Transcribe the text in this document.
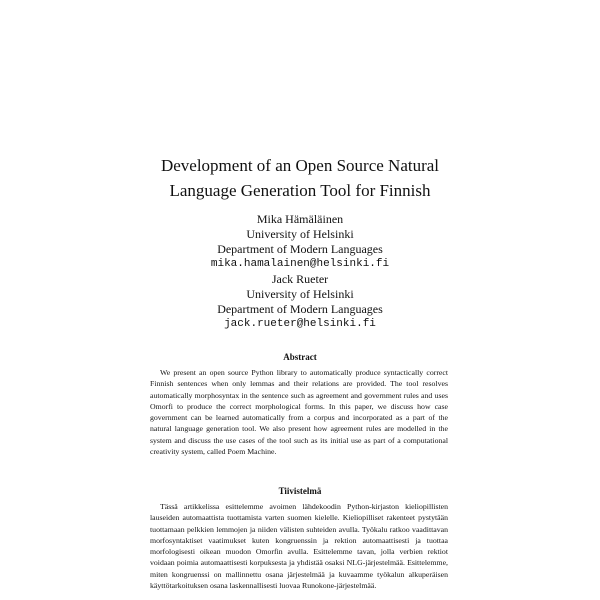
Development of an Open Source Natural
Language Generation Tool for Finnish
Mika Hämäläinen
University of Helsinki
Department of Modern Languages
mika.hamalainen@helsinki.fi
Jack Rueter
University of Helsinki
Department of Modern Languages
jack.rueter@helsinki.fi
Abstract

We present an open source Python library to automatically produce syntactically correct Finnish sentences when only lemmas and their relations are provided. The tool resolves automatically morphosyntax in the sentence such as agreement and government rules and uses Omorfi to produce the correct morphological forms. In this paper, we discuss how case government can be learned automatically from a corpus and incorporated as a part of the natural language generation tool. We also present how agreement rules are modelled in the system and discuss the use cases of the tool such as its initial use as part of a computational creativity system, called Poem Machine.

Tiivistelmä

Tässä artikkelissa esittelemme avoimen lähdekoodin Python-kirjaston kieliopillisten lauseiden automaattista tuottamista varten suomen kielelle. Kieliopilliset rakenteet pystytään tuottamaan pelkkien lemmojen ja niiden välisten suhteiden avulla. Työkalu ratkoo vaadittavan morfosyntaktiset vaatimukset kuten kongruenssin ja rektion automaattisesti ja tuottaa morfologisesti oikean muodon Omorfin avulla. Esittelemme tavan, jolla verbien rektiot voidaan poimia automaattisesti korpuksesta ja yhdistää osaksi NLG-järjestelmää. Esittelemme, miten kongruenssi on mallinnettu osana järjestelmää ja kuvaamme työkalun alkuperäisen käyttötarkoituksen osana laskennallisesti luovaa Runokone-järjestelmää.
